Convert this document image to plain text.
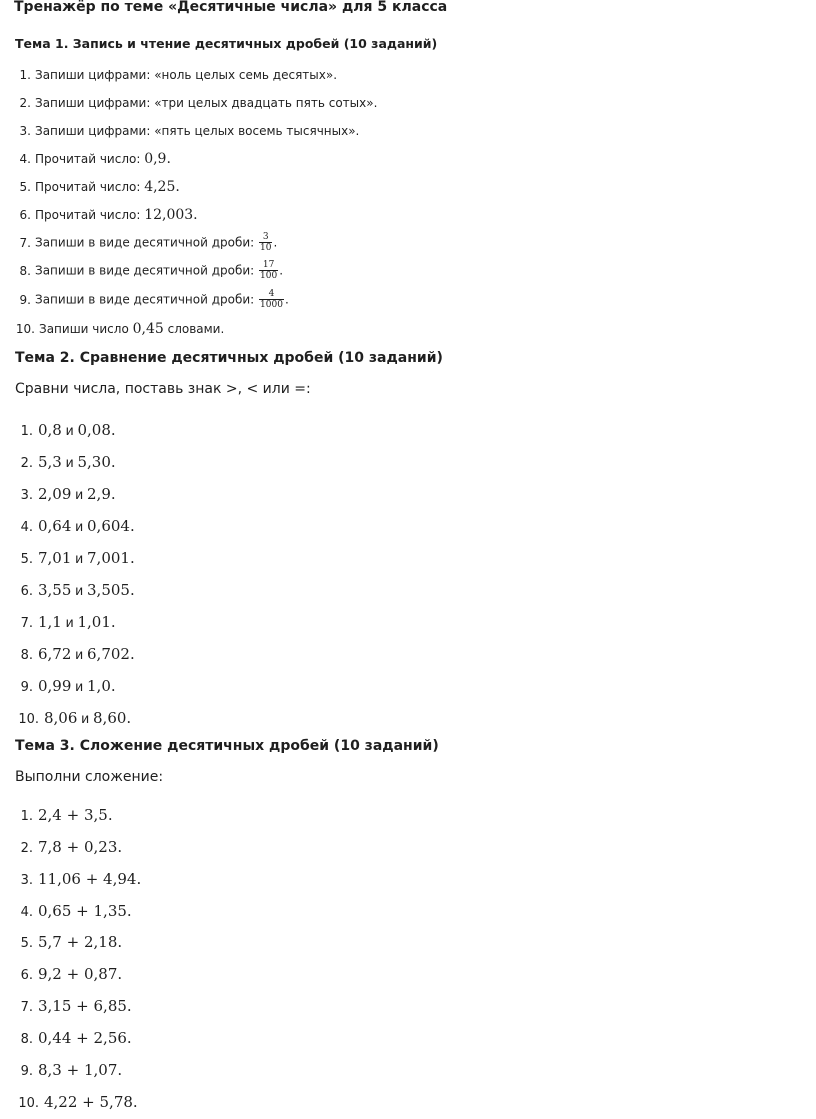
Тренажёр по теме «Десятичные числа» для 5 класса
Тема 1. Запись и чтение десятичных дробей (10 заданий)
1. Запиши цифрами: «ноль целых семь десятых».
2. Запиши цифрами: «три целых двадцать пять сотых».
3. Запиши цифрами: «пять целых восемь тысячных».
4. Прочитай число: 0,9.
5. Прочитай число: 4,25.
6. Прочитай число: 12,003.
7. Запиши в виде десятичной дроби: $\frac{3}{10}$ .
8. Запиши в виде десятичной дроби: $\frac{17}{100}$ .
9. Запиши в виде десятичной дроби: $\frac{4}{1000}$ .
10. Запиши число 0,45 словами.
Тема 2. Сравнение десятичных дробей (10 заданий)

Сравни числа, поставь знак >, < или =:

1. 0,8 и 0,08.
2. 5,3 и 5,30.
3. 2,09 и 2,9.
4. 0,64 и 0,604.
5. 7,01 и 7,001.
6. 3,55 и 3,505.
7. 1,1 и 1,01.
8. 6,72 и 6,702.
9. 0,99 и 1,0.
10. 8,06 и 8,60.
Тема 3. Сложение десятичных дробей (10 заданий)

Выполни сложение:

1. 2,4 + 3,5.
2. 7,8 + 0,23.
3. 11,06 + 4,94.
4. 0,65 + 1,35.
5. 5,7 + 2,18.
6. 9,2 + 0,87.
7. 3,15 + 6,85.
8. 0,44 + 2,56.
9. 8,3 + 1,07.
10. 4,22 + 5,78.
